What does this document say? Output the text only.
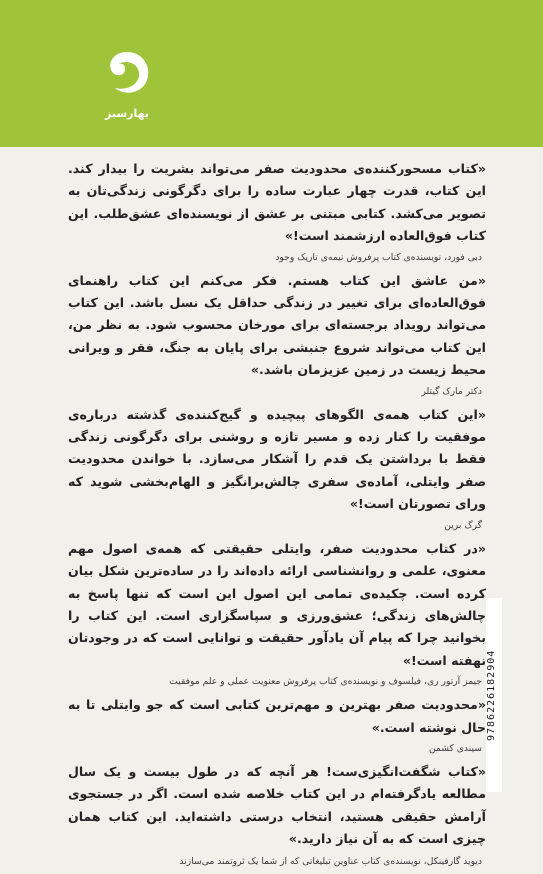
بهارسبز

«کتاب مسحورکننده‌ی محدودیت صفر می‌تواند بشریت را بیدار کند. این کتاب، قدرت چهار عبارت ساده را برای دگرگونی زندگی‌تان به تصویر می‌کشد. کتابی مبتنی بر عشق از نویسنده‌ای عشق‌طلب. این کتاب فوق‌العاده ارزشمند است!»

دبی فورد، نویسنده‌ی کتاب پرفروش نیمه‌ی تاریک وجود

«من عاشق این کتاب هستم. فکر می‌کنم این کتاب راهنمای فوق‌العاده‌ای برای تغییر در زندگی حداقل یک نسل باشد. این کتاب می‌تواند رویداد برجسته‌ای برای مورخان محسوب شود. به نظر من، این کتاب می‌تواند شروع جنبشی برای پایان به جنگ، فقر و ویرانی محیط زیست در زمین عزیزمان باشد.»

دکتر مارک گیتلر

«این کتاب همه‌ی الگوهای پیچیده و گیج‌کننده‌ی گذشته درباره‌ی موفقیت را کنار زده و مسیر تازه و روشنی برای دگرگونی زندگی فقط با برداشتن یک قدم را آشکار می‌سازد. با خواندن محدودیت صفر وایتلی، آماده‌ی سفری چالش‌برانگیز و الهام‌بخشی شوید که ورای تصورتان است!»

گرگ برین

«در کتاب محدودیت صفر، وایتلی حقیقتی که همه‌ی اصول مهم معنوی، علمی و روانشناسی ارائه داده‌اند را در ساده‌ترین شکل بیان کرده است. چکیده‌ی تمامی این اصول این است که تنها پاسخ به چالش‌های زندگی؛ عشق‌ورزی و سپاسگزاری است. این کتاب را بخوانید چرا که پیام آن یادآور حقیقت و توانایی است که در وجودتان نهفته است!»

جیمز آرتور ری، فیلسوف و نویسنده‌ی کتاب پرفروش معنویت عملی و علم موفقیت

«محدودیت صفر بهترین و مهم‌ترین کتابی است که جو وایتلی تا به حال نوشته است.»

سیندی کشمن

«کتاب شگفت‌انگیزی‌ست! هر آنچه که در طول بیست و یک سال مطالعه یادگرفته‌ام در این کتاب خلاصه شده است. اگر در جستجوی آرامش حقیقی هستید، انتخاب درستی داشته‌اید. این کتاب همان چیزی است که به آن نیاز دارید.»

دیوید گارفینکل، نویسنده‌ی کتاب عناوین تبلیغاتی که از شما یک ثروتمند می‌سازند
9786226182904
